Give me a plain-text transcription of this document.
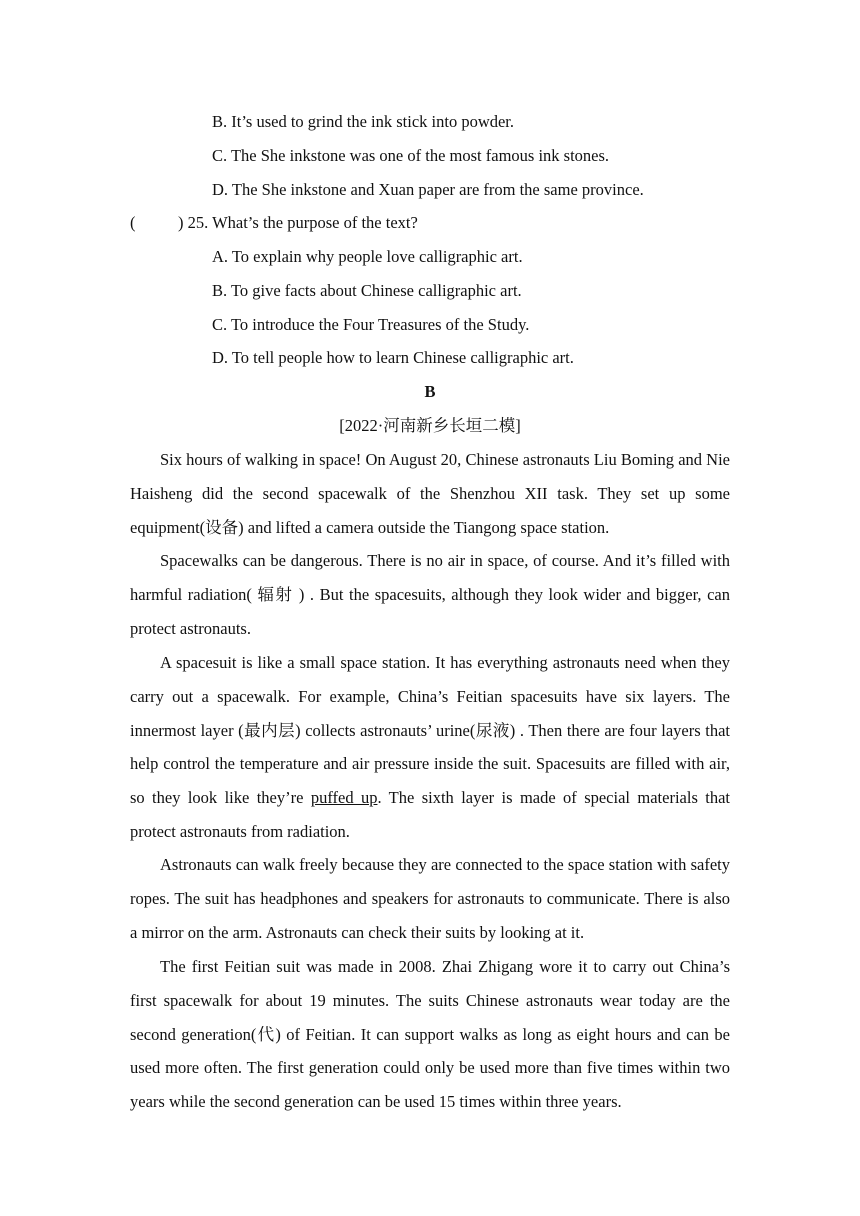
B. It’s used to grind the ink stick into powder.
C. The She inkstone was one of the most famous ink stones.
D. The She inkstone and Xuan paper are from the same province.
(	) 25. What’s the purpose of the text?
A. To explain why people love calligraphic art.
B. To give facts about Chinese calligraphic art.
C. To introduce the Four Treasures of the Study.
D. To tell people how to learn Chinese calligraphic art.
B
[2022·河南新乡长垣二模]

Six hours of walking in space! On August 20, Chinese astronauts Liu Boming and Nie Haisheng did the second spacewalk of the Shenzhou XII task. They set up some equipment(设备) and lifted a camera outside the Tiangong space station.

Spacewalks can be dangerous. There is no air in space, of course. And it’s filled with harmful radiation( 辐射 ) . But the spacesuits, although they look wider and bigger, can protect astronauts.

A spacesuit is like a small space station. It has everything astronauts need when they carry out a spacewalk. For example, China’s Feitian spacesuits have six layers. The innermost layer (最内层) collects astronauts’ urine(尿液) . Then there are four layers that help control the temperature and air pressure inside the suit. Spacesuits are filled with air, so they look like they’re puffed up. The sixth layer is made of special materials that protect astronauts from radiation.

Astronauts can walk freely because they are connected to the space station with safety ropes. The suit has headphones and speakers for astronauts to communicate. There is also a mirror on the arm. Astronauts can check their suits by looking at it.

The first Feitian suit was made in 2008. Zhai Zhigang wore it to carry out China’s first spacewalk for about 19 minutes. The suits Chinese astronauts wear today are the second generation(代) of Feitian. It can support walks as long as eight hours and can be used more often. The first generation could only be used more than five times within two years while the second generation can be used 15 times within three years.
